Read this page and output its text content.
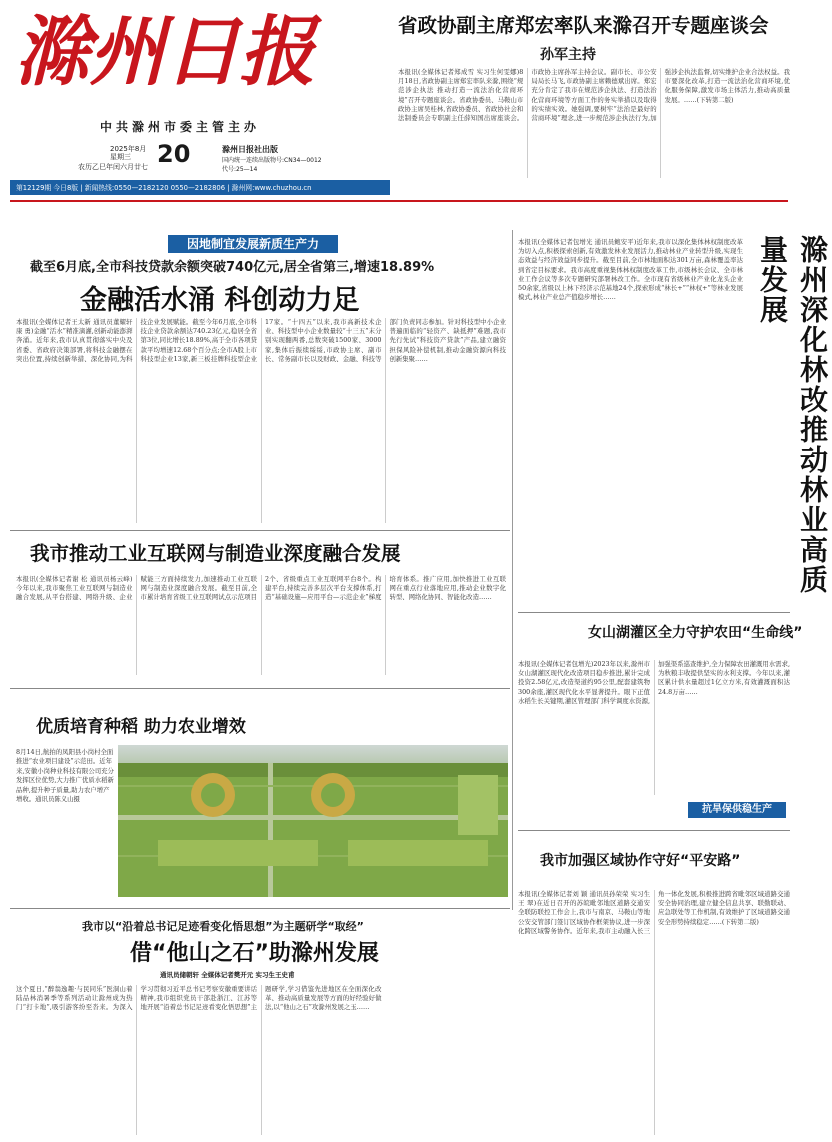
滁州日报
中共滁州市委主管主办
2025年8月
星期三
农历乙巳年闰六月廿七 20	滁州日报社出版
国内统一连续出版物号:CN34—0012
代号:25—14
第12129期 今日8版 | 新闻热线:0550—2182120 0550—2182806 | 滁州网:www.chuzhou.cn
省政协副主席郑宏率队来滁召开专题座谈会
孙军主持
本报讯(全媒体记者郑成雪 实习生何雯娜)8月18日,省政协副主席郑宏率队来滁,围绕“规范涉企执法 推动打造一流法治化营商环境”召开专题座谈会。省政协委员、马鞍山市政协主席吴桂林,省政协委员、省政协社会和法制委员会专职副主任薛知国出席座谈会。市政协主席孙军主持会议。副市长、市公安局局长马飞,市政协副主席赖德斌出席。郑宏充分肯定了我市在规范涉企执法、打造法治化营商环境等方面工作的务实举措以及取得的实绩实效。她强调,要树牢“法治是最好的营商环境”理念,进一步规范涉企执法行为,加强涉企执法监督,切实维护企业合法权益。我市要深化改革,打造一流法治化营商环境,优化服务保障,激发市场主体活力,推动高质量发展。……(下转第二版)
因地制宜发展新质生产力
截至6月底,全市科技贷款余额突破740亿元,居全省第三,增速18.89%
金融活水涌 科创动力足
本报讯(全媒体记者王太新 通讯员董耀轩 康 勇)金融“活水”精准滴灌,创新动能澎湃奔涌。近年来,我市认真贯彻落实中央及省委、省政府决策部署,将科技金融摆在突出位置,持续创新举措、深化协同,为科技企业发展赋能。截至今年6月底,全市科技企业贷款余额达740.23亿元,稳居全省第3位,同比增长18.89%,高于全市各项贷款平均增速12.68个百分点;全市A股上市科技型企业13家,新三板挂牌科技型企业17家。“十四五”以来,我市高新技术企业、科技型中小企业数量较“十三五”末分别实现翻两番,总数突破1500家、3000家,集体后振续绥绥,市政协主席、副市长、常务副市长以及财政、金融、科技等部门负责同志参加。针对科技型中小企业普遍面临的“轻资产、缺抵押”难题,我市先行先试“科技资产贷款”产品,建立融资担保风险补偿机制,推动金融资源向科技创新集聚……
我市推动工业互联网与制造业深度融合发展
本报讯(全媒体记者谢 松 通讯员杨云峰)今年以来,我市聚焦工业互联网与制造业融合发展,从平台搭建、网络升级、企业赋能三方面持续发力,加速推动工业互联网与制造业深度融合发展。截至目前,全市累计培育省级工业互联网试点示范项目2个、省级重点工业互联网平台8个。构建平台,持续完善多层次平台支撑体系,打造“基础设施—应用平台—示范企业”梯度培育体系。推广应用,加快推进工业互联网在重点行业落地应用,推动企业数字化转型、网络化协同、智能化改造……
优质培育种稻 助力农业增效
8月14日,航拍的凤阳县小岗村全面推进“农业项目建设”示范田。近年来,安徽小岗种业科技有限公司充分发挥区位优势,大力推广优质水稻新品种,提升种子质量,助力农户增产增收。通讯员陈义山摄
本报讯(全媒体记者包增光 通讯员鲍安平)近年来,我市以深化集体林权制度改革为切入点,积极探索创新,有效激发林业发展活力,推动林业产业转型升级,实现生态效益与经济效益同步提升。截至目前,全市林地面积达301万亩,森林覆盖率达到省定目标要求。我市高度重视集体林权制度改革工作,市级林长会议、全市林业工作会议等多次专题研究部署林改工作。全市现有省级林业产业化龙头企业50余家,省级以上林下经济示范基地24个,探索形成“林长+”“林权+”等林业发展模式,林业产业总产值稳步增长……	滁州深化林改推动林业高质量发展
女山湖灌区全力守护农田“生命线”
本报讯(全媒体记者包增光)2023年以来,滁州市女山湖灌区现代化改造项目稳步推进,累计完成投资2.58亿元,改造渠道约95公里,配套建筑物300余座,灌区现代化水平显著提升。眼下正值水稻生长关键期,灌区管理部门科学调度水资源,加强渠系巡查维护,全力保障农田灌溉用水需求,为秋粮丰收提供坚实的水利支撑。今年以来,灌区累计供水量超过1亿立方米,有效灌溉面积达24.8万亩……
抗旱保供稳生产
我市加强区域协作守好“平安路”
本报讯(全媒体记者刘 颖 通讯员孙荣荣 实习生王 翠)在近日召开的苏皖毗邻地区道路交通安全联防联控工作会上,我市与南京、马鞍山等地公安交管部门签订区域协作框架协议,进一步深化跨区域警务协作。近年来,我市主动融入长三角一体化发展,积极推进跨省毗邻区域道路交通安全协同治理,建立健全信息共享、联勤联动、应急联处等工作机制,有效维护了区域道路交通安全形势持续稳定……(下转第二版)
我市以“沿着总书记足迹看变化悟思想”为主题研学“取经”
借“他山之石”助滁州发展
通讯员储朝轩 全媒体记者樊开元 实习生王史甫
这个夏日,“醉翁逸趣·与民同乐”医洞山着陆品林消暑季等系列活动让滁州成为热门“打卡地”,吸引游客纷至沓来。为深入学习贯彻习近平总书记考察安徽重要讲话精神,我市组织党员干部赴浙江、江苏等地开展“沿着总书记足迹看变化悟思想”主题研学,学习借鉴先进地区在全面深化改革、推动高质量发展等方面的好经验好做法,以“他山之石”攻滁州发展之玉……
